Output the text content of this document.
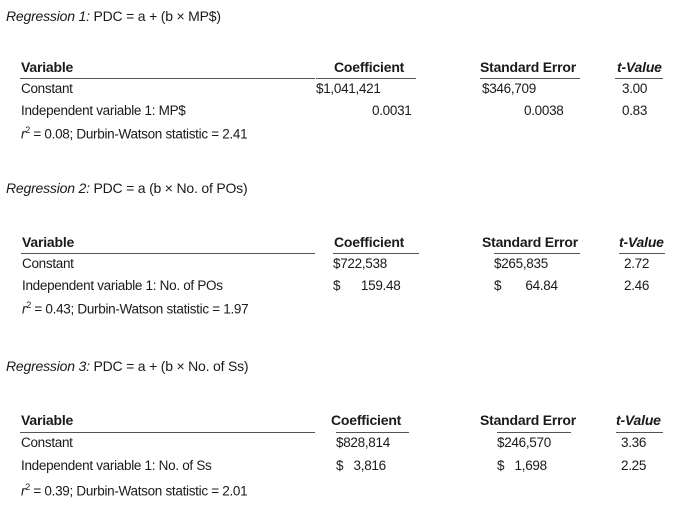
Regression 1: PDC = a + (b × MP$)
Variable	Coefficient	Standard Error	t-Value
Constant	$1,041,421	$346,709	3.00
Independent variable 1: MP$	0.0031	0.0038	0.83
$r^2 = 0.08$; Durbin-Watson statistic = 2.41
Regression 2: PDC = a (b × No. of POs)
Variable	Coefficient	Standard Error	t-Value
Constant	$722,538	$265,835	2.72
Independent variable 1: No. of POs	$      159.48	$       64.84	2.46
$r^2 = 0.43$; Durbin-Watson statistic = 1.97
Regression 3: PDC = a + (b × No. of Ss)
Variable	Coefficient	Standard Error	t-Value
Constant	$828,814	$246,570	3.36
Independent variable 1: No. of Ss	$   3,816	$   1,698	2.25
$r^2 = 0.39$; Durbin-Watson statistic = 2.01
